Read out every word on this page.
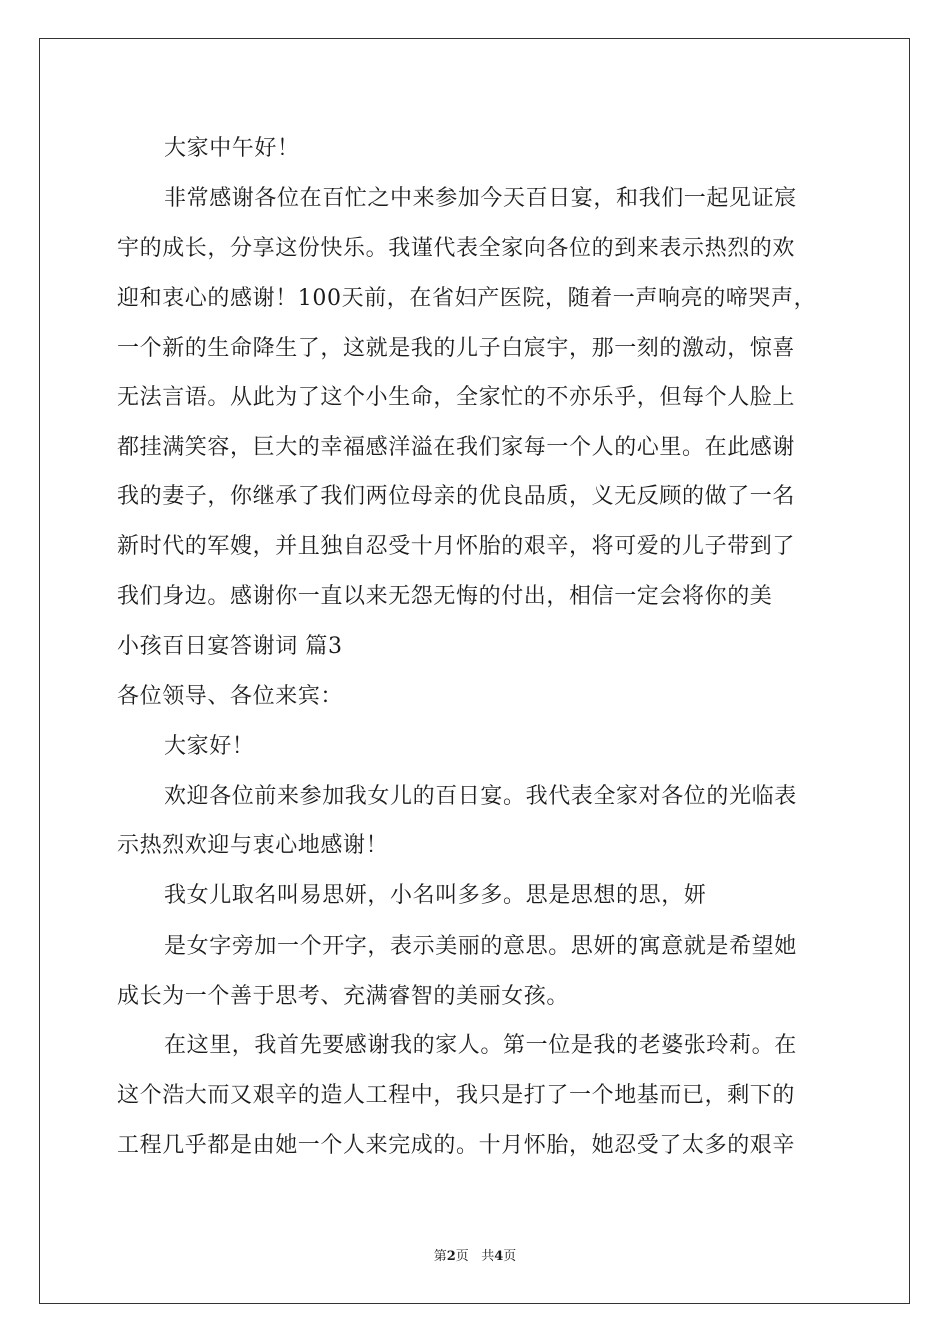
大家中午好！
非常感谢各位在百忙之中来参加今天百日宴，和我们一起见证宸
宇的成长，分享这份快乐。我谨代表全家向各位的到来表示热烈的欢
迎和衷心的感谢！100天前，在省妇产医院，随着一声响亮的啼哭声，
一个新的生命降生了，这就是我的儿子白宸宇，那一刻的激动，惊喜
无法言语。从此为了这个小生命，全家忙的不亦乐乎，但每个人脸上
都挂满笑容，巨大的幸福感洋溢在我们家每一个人的心里。在此感谢
我的妻子，你继承了我们两位母亲的优良品质，义无反顾的做了一名
新时代的军嫂，并且独自忍受十月怀胎的艰辛，将可爱的儿子带到了
我们身边。感谢你一直以来无怨无悔的付出，相信一定会将你的美
小孩百日宴答谢词 篇3
各位领导、各位来宾：
大家好！
欢迎各位前来参加我女儿的百日宴。我代表全家对各位的光临表
示热烈欢迎与衷心地感谢！
我女儿取名叫易思妍，小名叫多多。思是思想的思，妍
是女字旁加一个开字，表示美丽的意思。思妍的寓意就是希望她
成长为一个善于思考、充满睿智的美丽女孩。
在这里，我首先要感谢我的家人。第一位是我的老婆张玲莉。在
这个浩大而又艰辛的造人工程中，我只是打了一个地基而已，剩下的
工程几乎都是由她一个人来完成的。十月怀胎，她忍受了太多的艰辛
第2页 共4页
